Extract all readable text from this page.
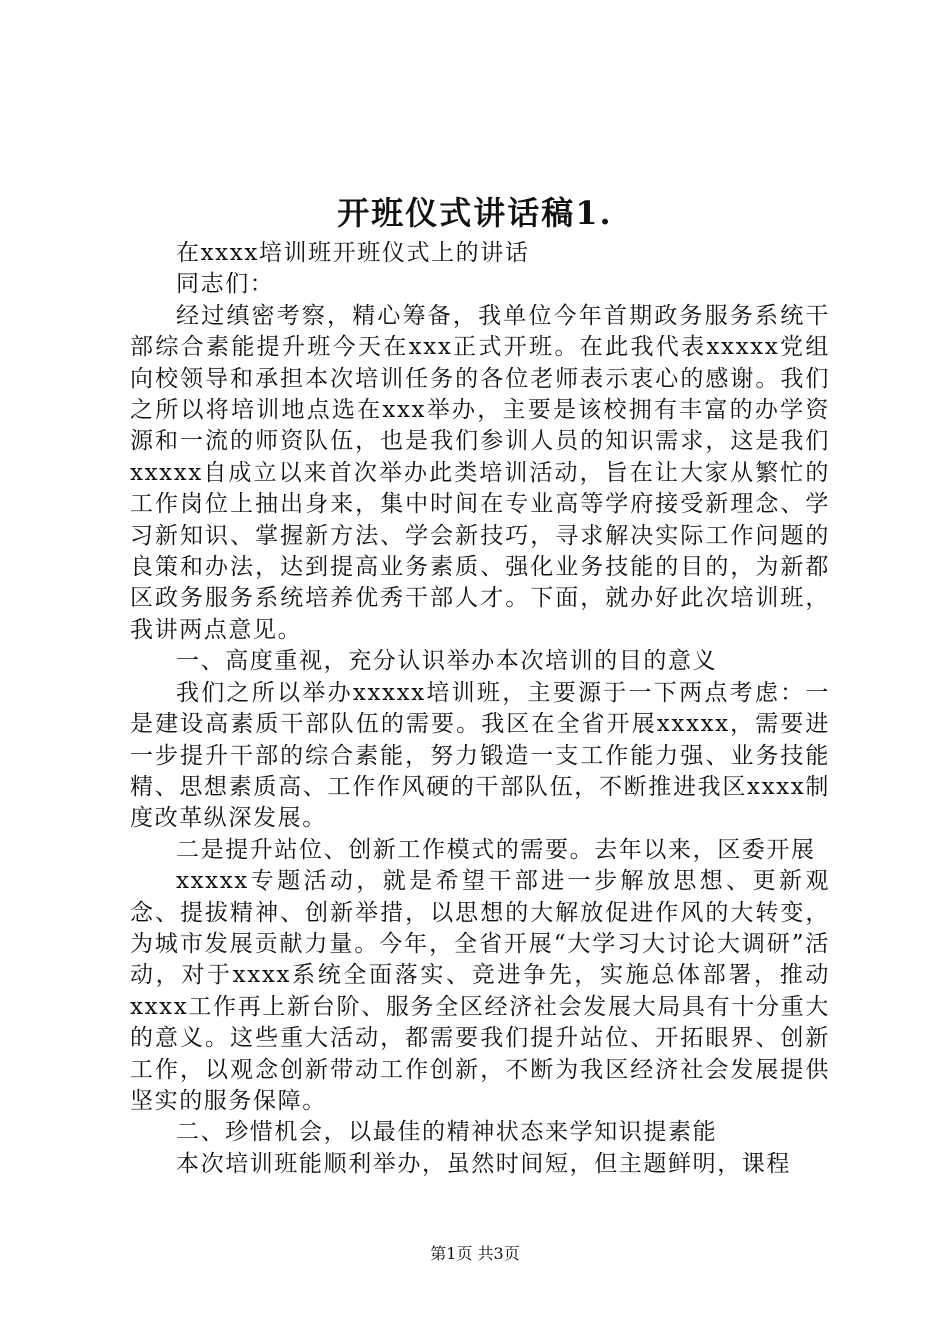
开班仪式讲话稿1.

在xxxx培训班开班仪式上的讲话

同志们：

经过缜密考察，精心筹备，我单位今年首期政务服务系统干部综合素能提升班今天在xxx正式开班。在此我代表xxxxx党组向校领导和承担本次培训任务的各位老师表示衷心的感谢。我们之所以将培训地点选在xxx举办，主要是该校拥有丰富的办学资源和一流的师资队伍，也是我们参训人员的知识需求，这是我们xxxxx自成立以来首次举办此类培训活动，旨在让大家从繁忙的工作岗位上抽出身来，集中时间在专业高等学府接受新理念、学习新知识、掌握新方法、学会新技巧，寻求解决实际工作问题的良策和办法，达到提高业务素质、强化业务技能的目的，为新都区政务服务系统培养优秀干部人才。下面，就办好此次培训班，我讲两点意见。

一、高度重视，充分认识举办本次培训的目的意义

我们之所以举办xxxxx培训班，主要源于一下两点考虑：一是建设高素质干部队伍的需要。我区在全省开展xxxxx，需要进一步提升干部的综合素能，努力锻造一支工作能力强、业务技能精、思想素质高、工作作风硬的干部队伍，不断推进我区xxxx制度改革纵深发展。

二是提升站位、创新工作模式的需要。去年以来，区委开展

xxxxx专题活动，就是希望干部进一步解放思想、更新观念、提拔精神、创新举措，以思想的大解放促进作风的大转变，为城市发展贡献力量。今年，全省开展“大学习大讨论大调研”活动，对于xxxx系统全面落实、竞进争先，实施总体部署，推动xxxx工作再上新台阶、服务全区经济社会发展大局具有十分重大的意义。这些重大活动，都需要我们提升站位、开拓眼界、创新工作，以观念创新带动工作创新，不断为我区经济社会发展提供坚实的服务保障。

二、珍惜机会，以最佳的精神状态来学知识提素能

本次培训班能顺利举办，虽然时间短，但主题鲜明，课程

第1页 共3页
